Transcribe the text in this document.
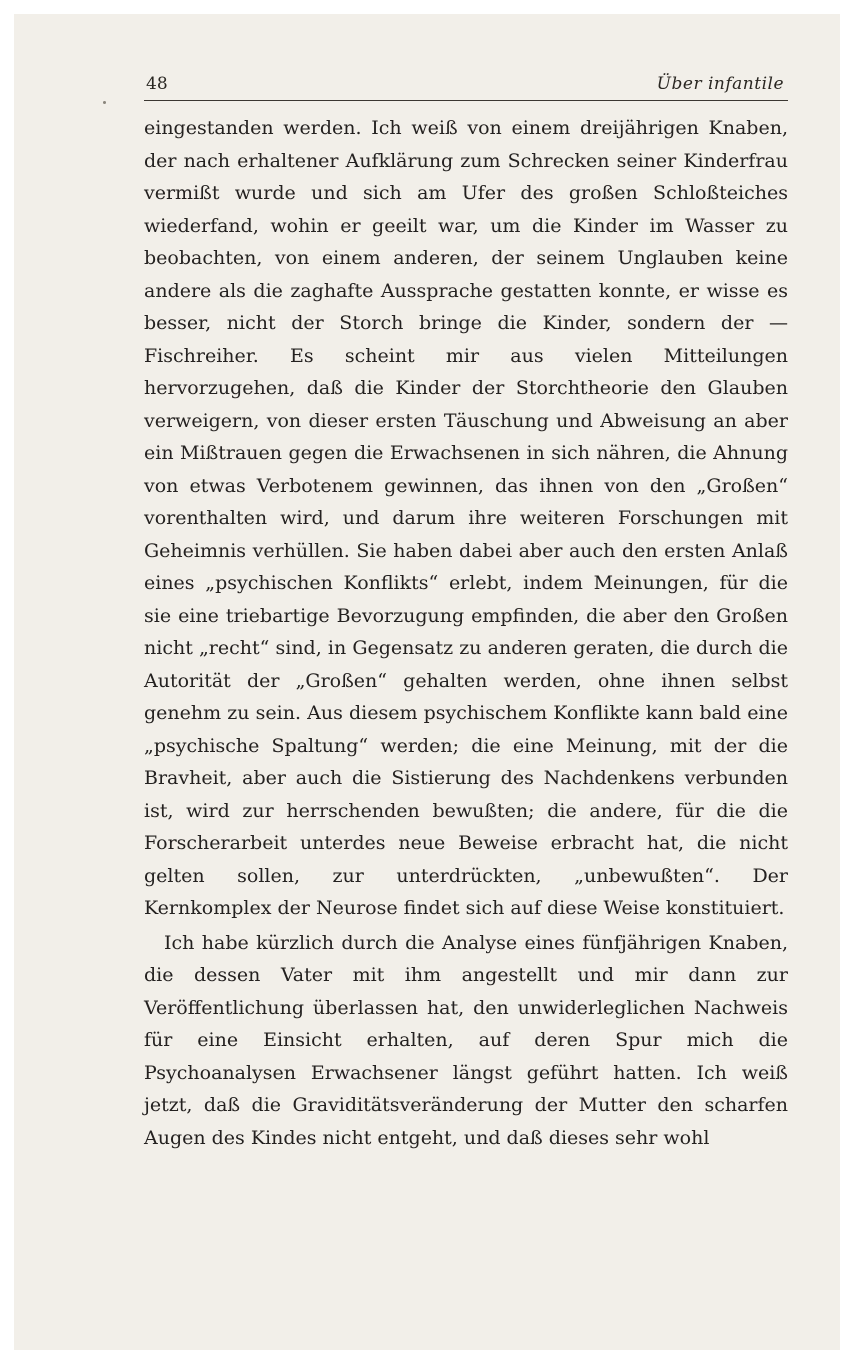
48	Über infantile

eingestanden werden. Ich weiß von einem dreijährigen Knaben, der nach erhaltener Aufklärung zum Schrecken seiner Kinderfrau vermißt wurde und sich am Ufer des großen Schloßteiches wiederfand, wohin er geeilt war, um die Kinder im Wasser zu beobachten, von einem anderen, der seinem Unglauben keine andere als die zaghafte Aussprache gestatten konnte, er wisse es besser, nicht der Storch bringe die Kinder, sondern der — Fischreiher. Es scheint mir aus vielen Mitteilungen hervorzugehen, daß die Kinder der Storchtheorie den Glauben verweigern, von dieser ersten Täuschung und Abweisung an aber ein Mißtrauen gegen die Erwachsenen in sich nähren, die Ahnung von etwas Verbotenem gewinnen, das ihnen von den „Großen“ vorenthalten wird, und darum ihre weiteren Forschungen mit Geheimnis verhüllen. Sie haben dabei aber auch den ersten Anlaß eines „psychischen Konflikts“ erlebt, indem Meinungen, für die sie eine triebartige Bevorzugung empfinden, die aber den Großen nicht „recht“ sind, in Gegensatz zu anderen geraten, die durch die Autorität der „Großen“ gehalten werden, ohne ihnen selbst genehm zu sein. Aus diesem psychischem Konflikte kann bald eine „psychische Spaltung“ werden; die eine Meinung, mit der die Bravheit, aber auch die Sistierung des Nachdenkens verbunden ist, wird zur herrschenden bewußten; die andere, für die die Forscherarbeit unterdes neue Beweise erbracht hat, die nicht gelten sollen, zur unterdrückten, „unbewußten“. Der Kernkomplex der Neurose findet sich auf diese Weise konstituiert.

Ich habe kürzlich durch die Analyse eines fünfjährigen Knaben, die dessen Vater mit ihm angestellt und mir dann zur Veröffentlichung überlassen hat, den unwiderleglichen Nachweis für eine Einsicht erhalten, auf deren Spur mich die Psychoanalysen Erwachsener längst geführt hatten. Ich weiß jetzt, daß die Graviditätsveränderung der Mutter den scharfen Augen des Kindes nicht entgeht, und daß dieses sehr wohl
